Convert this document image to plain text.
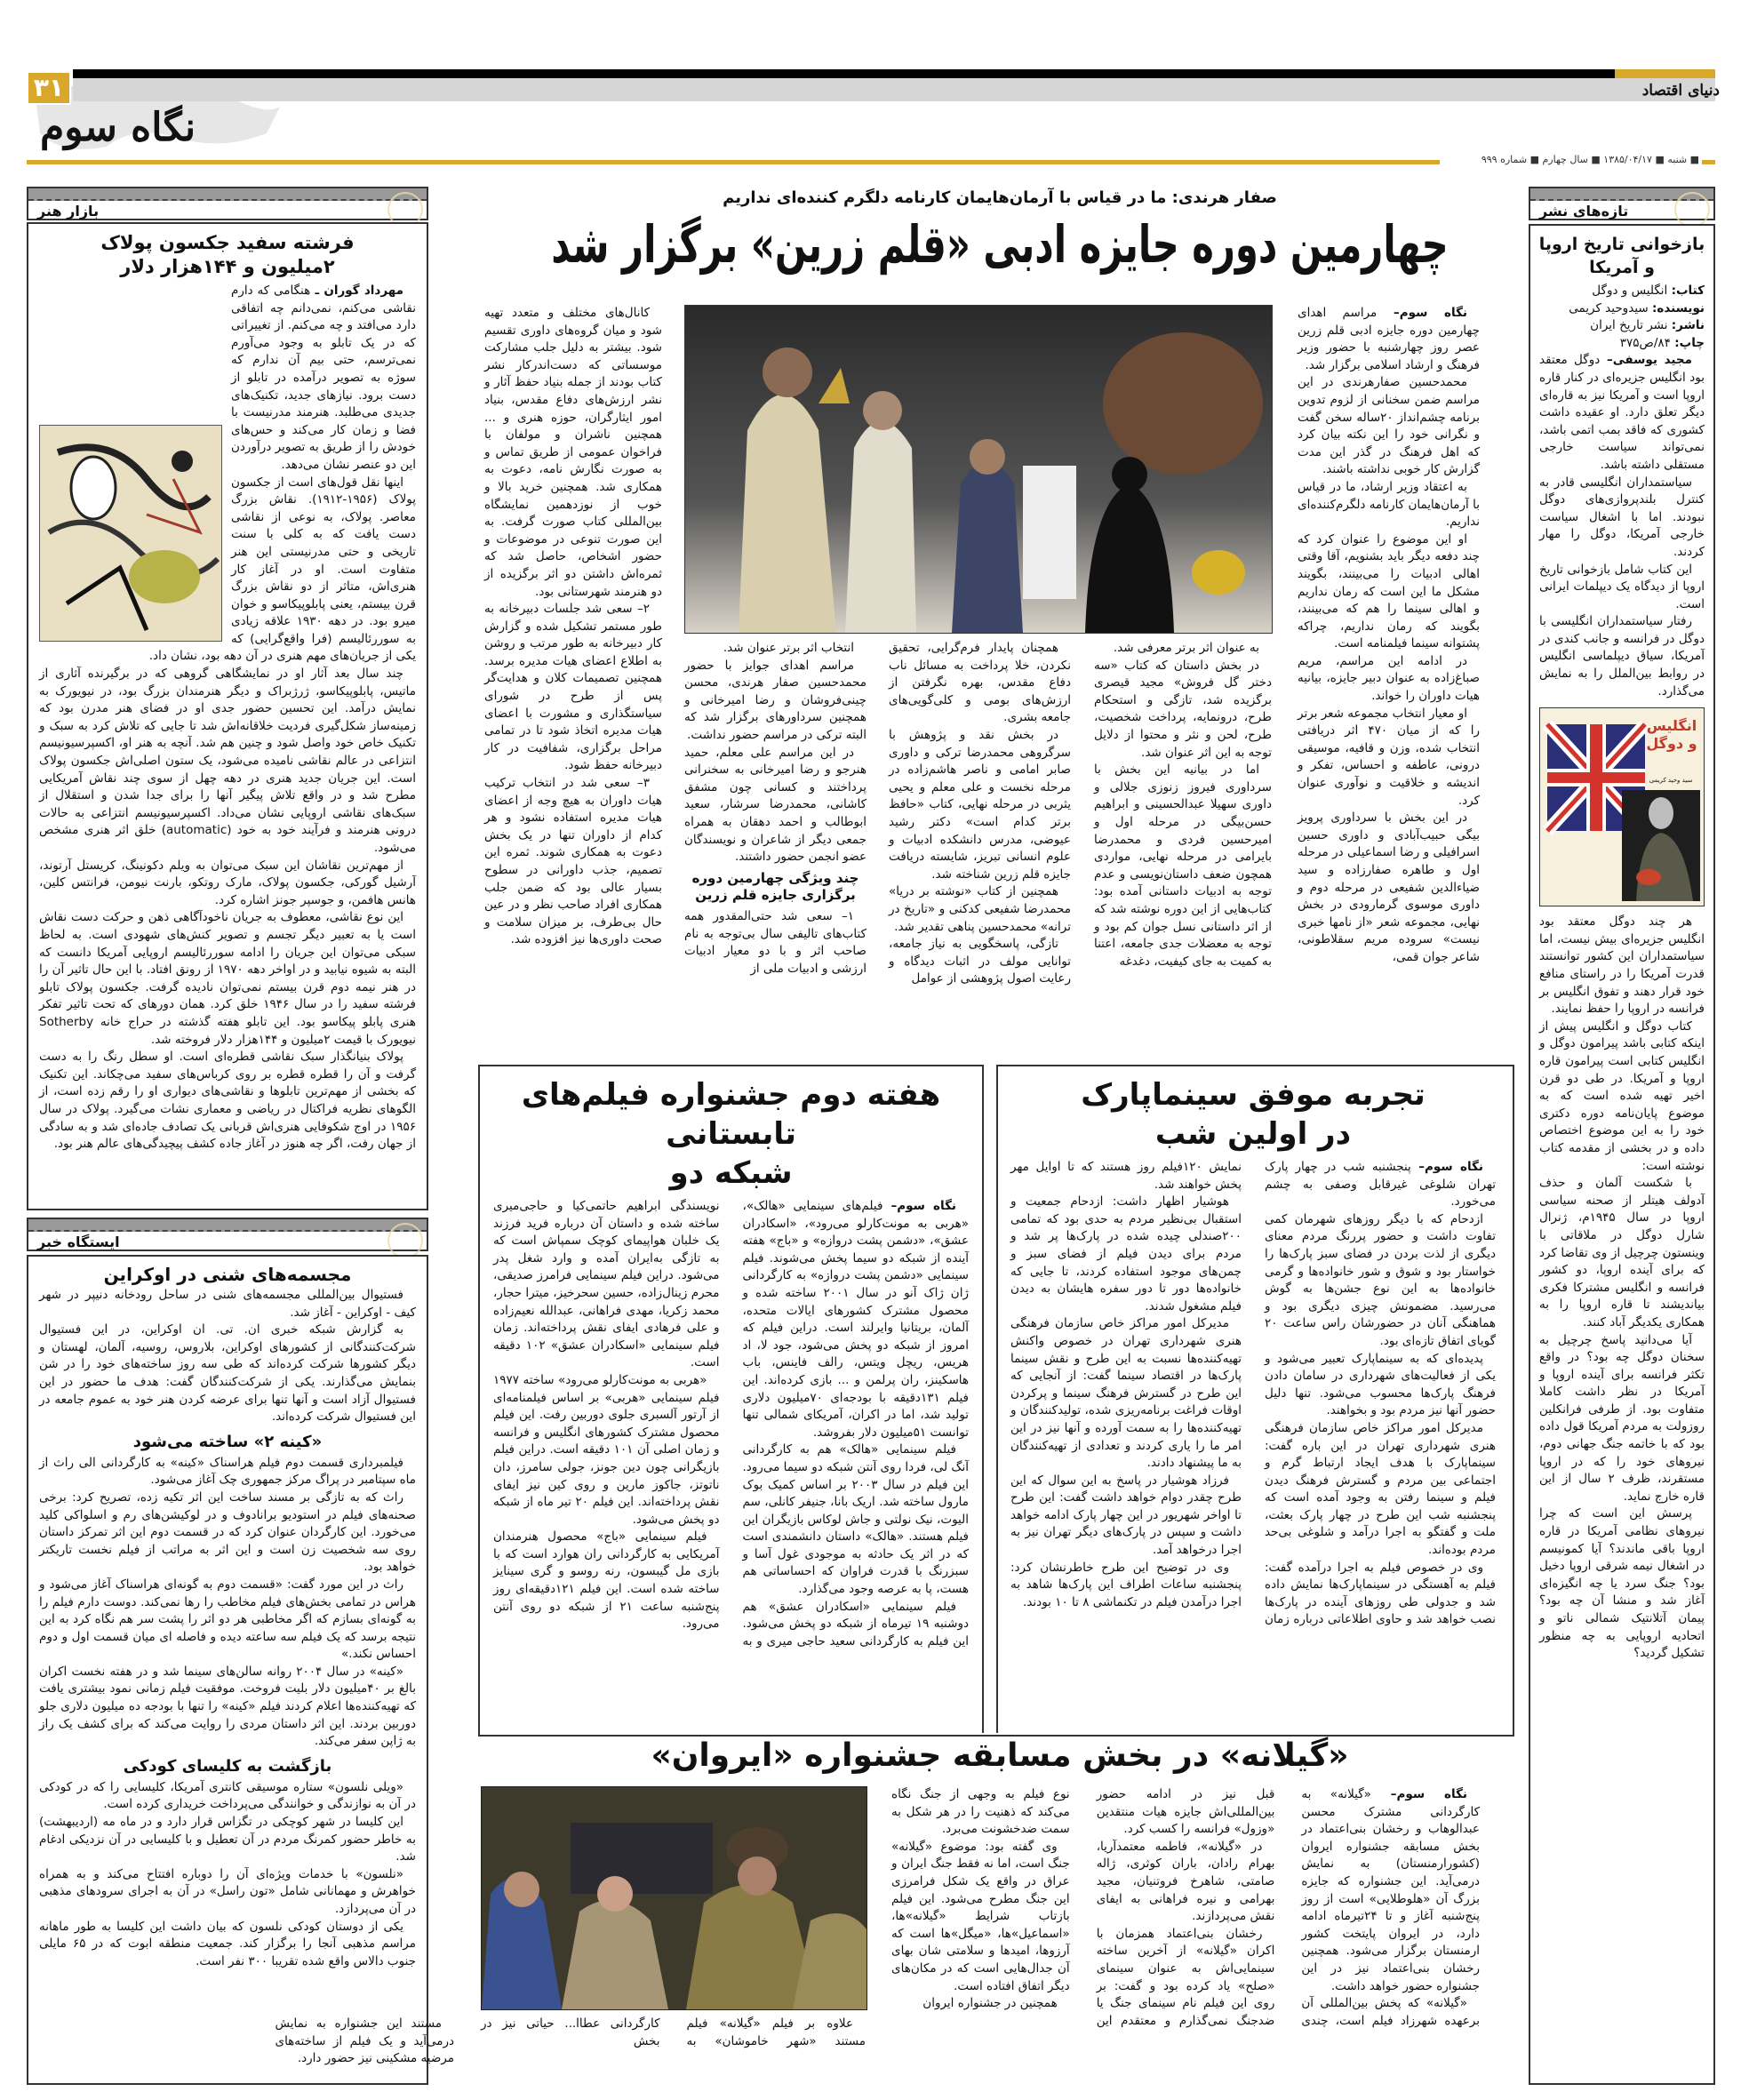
۳۱	دنیای اقتصاد
نگاه سوم
■ شنبه ■ ۱۳۸۵/۰۴/۱۷ ■ سال چهارم ■ شماره ۹۹۹
بازار هنر
فرشته سفید جکسون پولاک
۲میلیون و ۱۴۴هزار دلار

مهرداد گوران ـ هنگامی که دارم نقاشی می‌کنم، نمی‌دانم چه اتفاقی دارد می‌افتد و چه می‌کنم. از تغییراتی که در یک تابلو به وجود می‌آورم نمی‌ترسم، حتی بیم آن ندارم که سوژه به تصویر درآمده در تابلو از دست برود. نیازهای جدید، تکنیک‌های جدیدی می‌طلبد. هنرمند مدرنیست با فضا و زمان کار می‌کند و حس‌های خودش را از طریق به تصویر درآوردن این دو عنصر نشان می‌دهد.

اینها نقل قول‌های است از جکسون پولاک (۱۹۵۶-۱۹۱۲). نقاش بزرگ معاصر. پولاک، به نوعی از نقاشی دست یافت که به کلی با سنت تاریخی و حتی مدرنیستی این هنر متفاوت است. او در آغاز کار هنری‌اش، متاثر از دو نقاش بزرگ قرن بیستم، یعنی پابلوپیکاسو و خوان میرو بود. در دهه ۱۹۳۰ علاقه زیادی به سوررئالیسم (فرا واقع‌گرایی) که یکی از جریان‌های مهم هنری در آن دهه بود، نشان داد.

چند سال بعد آثار او در نمایشگاهی گروهی که در برگیرنده آثاری از ماتیس، پابلوپیکاسو، ژرژبراک و دیگر هنرمندان بزرگ بود، در نیویورک به نمایش درآمد. این تحسین حضور جدی او در فضای هنر مدرن بود که زمینه‌ساز شکل‌گیری فردیت خلاقانه‌اش شد تا جایی که تلاش کرد به سبک و تکنیک خاص خود واصل شود و چنین هم شد. آنچه به هنر او، اکسپرسیونیسم انتزاعی در عالم نقاشی نامیده می‌شود، یک ستون اصلی‌اش جکسون پولاک است. این جریان جدید هنری در دهه چهل از سوی چند نقاش آمریکایی مطرح شد و در واقع تلاش پیگیر آنها را برای جدا شدن و استقلال از سبک‌های نقاشی اروپایی نشان می‌داد. اکسپرسیونیسم انتزاعی به حالات درونی هنرمند و فرآیند خود به خود (automatic) خلق اثر هنری مشخص می‌شود.

از مهم‌ترین نقاشان این سبک می‌توان به ویلم دکونینگ، کریستل آرتوند، آرشیل گورکی، جکسون پولاک، مارک روتکو، بارنت نیومن، فرانتس کلین، هانس هافمن، و جوسپر جونز اشاره کرد.

این نوع نقاشی، معطوف به جریان ناخودآگاهی ذهن و حرکت دست نقاش است یا به تعبیر دیگر تجسم و تصویر کنش‌های شهودی است. به لحاظ سبکی می‌توان این جریان را ادامه سوررئالیسم اروپایی آمریکا دانست که البته به شیوه نیابید و در اواخر دهه ۱۹۷۰ از رونق افتاد. با این حال تاثیر آن را در هنر نیمه دوم قرن بیستم نمی‌توان نادیده گرفت. جکسون پولاک تابلو فرشته سفید را در سال ۱۹۴۶ خلق کرد. همان دورهای که تحت تاثیر تفکر هنری پابلو پیکاسو بود. این تابلو هفته گذشته در حراج خانه Sotherby نیویورک با قیمت ۲میلیون و ۱۴۴هزار دلار فروخته شد.

پولاک بنیانگذار سبک نقاشی قطره‌ای است. او سطل رنگ را به دست گرفت و آن را قطره قطره بر روی کرباس‌های سفید می‌چکاند. این تکنیک که بخشی از مهم‌ترین تابلوها و نقاشی‌های دیواری او را رقم زده است، از الگوهای نظریه فراکتال در ریاضی و معماری نشات می‌گیرد. پولاک در سال ۱۹۵۶ در اوج شکوفایی هنری‌اش قربانی یک تصادف جاده‌ای شد و به سادگی از جهان رفت، اگر چه هنوز در آغاز جاده کشف پیچیدگی‌های عالم هنر بود.

ایستگاه خبر
مجسمه‌های شنی در اوکراین

فستیوال بین‌المللی مجسمه‌های شنی در ساحل رودخانه دنیپر در شهر کیف - اوکراین - آغاز شد.

به گزارش شبکه خبری ان. تی. ان اوکراین، در این فستیوال شرکت‌کنندگانی از کشورهای اوکراین، بلاروس، روسیه، آلمان، لهستان و دیگر کشورها شرکت کرده‌اند که طی سه روز ساخته‌های خود را در شن بنمایش می‌گذارند. یکی از شرکت‌کنندگان گفت: هدف ما حضور در این فستیوال آزاد است و آنها تنها برای عرضه کردن هنر خود به عموم جامعه در این فستیوال شرکت کرده‌اند.

«کینه ۲» ساخته می‌شود

فیلمبرداری قسمت دوم فیلم هراسناک «کینه» به کارگردانی الی راث از ماه سپتامبر در پراگ مرکز جمهوری چک آغاز می‌شود.

راث که به تازگی بر مسند ساخت این اثر تکیه زده، تصریح کرد: برخی صحنه‌های فیلم در استودیو برانادوف و در لوکیشن‌های رم و اسلواکی کلید می‌خورد. این کارگردان عنوان کرد که در قسمت دوم این اثر تمرکز داستان روی سه شخصیت زن است و این اثر به مراتب از فیلم نخست تاریکتر خواهد بود.

راث در این مورد گفت: «قسمت دوم به گونه‌ای هراسناک آغاز می‌شود و هراس در تمامی بخش‌های فیلم مخاطب را رها نمی‌کند. دوست دارم فیلم را به گونه‌ای بسازم که اگر مخاطبی هر دو اثر را پشت سر هم نگاه کرد به این نتیجه برسد که یک فیلم سه ساعته دیده و فاصله ای میان قسمت اول و دوم احساس نکند.»

«کینه» در سال ۲۰۰۴ روانه سالن‌های سینما شد و در هفته نخست اکران بالغ بر ۴۰میلیون دلار بلیت فروخت. موفقیت فیلم زمانی نمود بیشتری یافت که تهیه‌کننده‌ها اعلام کردند فیلم «کینه» را تنها با بودجه ده میلیون دلاری جلو دوربین بردند. این اثر داستان مردی را روایت می‌کند که برای کشف یک راز به ژاپن سفر می‌کند.

بازگشت به کلیسای کودکی

«ویلی نلسون» ستاره موسیقی کانتری آمریکا، کلیسایی را که در کودکی در آن به نوازندگی و خوانندگی می‌پرداخت خریداری کرده است.

این کلیسا در شهر کوچکی در تگزاس قرار دارد و در ماه مه (اردیبهشت) به خاطر حضور کمرنگ مردم در آن تعطیل و با کلیسایی در آن نزدیکی ادغام شد.

«نلسون» با خدمات ویژه‌ای آن را دوباره افتتاح می‌کند و به همراه خواهرش و مهمانانی شامل «تون راسل» در آن به اجرای سرودهای مذهبی در آن می‌پردازد.

یکی از دوستان کودکی نلسون که بیان داشت این کلیسا به طور ماهانه مراسم مذهبی آنجا را برگزار کند. جمعیت منطقه ابوت که در ۶۵ مایلی جنوب دالاس واقع شده تقریبا ۳۰۰ نفر است.

تازه‌های نشر
بازخوانی تاریخ اروپا و آمریکا

کتاب: انگلیس و دوگل

نویسنده: سیدوحید کریمی

ناشر: نشر تاریخ ایران

چاپ: ۸۴/ص۳۷۵

مجید یوسفی– دوگل معتقد بود انگلیس جزیره‌ای در کنار قاره اروپا است و آمریکا نیز به قاره‌ای دیگر تعلق دارد. او عقیده داشت کشوری که فاقد بمب اتمی باشد، نمی‌تواند سیاست خارجی مستقلی داشته باشد.

سیاستمداران انگلیسی قادر به کنترل بلندپروازی‌های دوگل نبودند. اما با اشغال سیاست خارجی آمریکا، دوگل را مهار کردند.

این کتاب شامل بازخوانی تاریخ اروپا از دیدگاه یک دیپلمات ایرانی است.

رفتار سیاستمداران انگلیسی با دوگل در فرانسه و جانب کندی در آمریکا، سیاق دیپلماسی انگلیس در روابط بین‌الملل را به نمایش می‌گذارد.

انگلیس و دوگل
سید وحید کریمی

هر چند دوگل معتقد بود انگلیس جزیره‌ای بیش نیست، اما سیاستمداران این کشور توانستند قدرت آمریکا را در راستای منافع خود قرار دهند و تفوق انگلیس بر فرانسه در اروپا را حفظ نمایند.

کتاب دوگل و انگلیس پیش از اینکه کتابی باشد پیرامون دوگل و انگلیس کتابی است پیرامون قاره اروپا و آمریکا. در طی دو قرن اخیر تهیه شده است که به موضوع پایان‌نامه دوره دکتری خود را به این موضوع اختصاص داده و در بخشی از مقدمه کتاب نوشته است:

با شکست آلمان و حذف آدولف هیتلر از صحنه سیاسی اروپا در سال ۱۹۴۵م، ژنرال شارل دوگل در ملاقاتی با وینستون چرچیل از وی تقاضا کرد که برای آینده اروپا، دو کشور فرانسه و انگلیس مشترکا فکری بیاندیشند تا قاره اروپا را به همکاری یکدیگر آباد کنند.

آیا می‌دانید پاسخ چرچیل به سخنان دوگل چه بود؟ در واقع تکثر فرانسه برای آینده اروپا و آمریکا در نظر داشت کاملا متفاوت بود. از طرفی فرانکلین روزولت به مردم آمریکا قول داده بود که با خاتمه جنگ جهانی دوم، نیروهای خود را که در اروپا مستقرند، ظرف ۲ سال از این قاره خارج نماید.

پرسش این است که چرا نیروهای نظامی آمریکا در قاره اروپا باقی ماندند؟ آیا کمونیسم در اشغال نیمه شرقی اروپا دخیل بود؟ جنگ سرد یا چه انگیزه‌ای آغاز شد و منشا آن چه بود؟ پیمان آتلانتیک شمالی ناتو و اتحادیه اروپایی به چه منظور تشکیل گردید؟

صفار هرندی: ما در قیاس با آرمان‌هایمان کارنامه دلگرم کننده‌ای نداریم
چهارمین دوره جایزه ادبی «قلم زرین» برگزار شد

نگاه سوم– مراسم اهدای چهارمین دوره جایزه ادبی قلم زرین عصر روز چهارشنبه با حضور وزیر فرهنگ و ارشاد اسلامی برگزار شد.

محمدحسین صفارهرندی در این مراسم ضمن سخنانی از لزوم تدوین برنامه چشم‌انداز ۲۰ساله سخن گفت و نگرانی خود را این نکته بیان کرد که اهل فرهنگ در گذر این مدت گزارش کار خوبی نداشته باشند.

به اعتقاد وزیر ارشاد، ما در قیاس با آرمان‌هایمان کارنامه دلگرم‌کننده‌ای نداریم.

او این موضوع را عنوان کرد که چند دفعه دیگر باید بشنویم، آقا وقتی اهالی ادبیات را می‌بینند، بگویند مشکل ما این است که رمان نداریم و اهالی سینما را هم که می‌بینند، بگویند که رمان نداریم، چراکه پشتوانه سینما فیلمنامه است.

در ادامه این مراسم، مریم صباغ‌زاده به عنوان دبیر جایزه، بیانیه هیات داوران را خواند.

او معیار انتخاب مجموعه شعر برتر را که از میان ۴۷۰ اثر دریافتی انتخاب شده، وزن و قافیه، موسیقی درونی، عاطفه و احساس، تفکر و اندیشه و خلاقیت و نوآوری عنوان کرد.

در این بخش با سرداوری پرویز بیگی حبیب‌آبادی و داوری حسین اسرافیلی و رضا اسماعیلی در مرحله اول و طاهره صفارزاده و سید ضیاءالدین شفیعی در مرحله دوم و داوری موسوی گرمارودی در بخش نهایی، مجموعه شعر «از نامها خبری نیست» سروده مریم سقلاطونی، شاعر جوان قمی،

به عنوان اثر برتر معرفی شد.

در بخش داستان که کتاب «سه دختر گل فروش» مجید قیصری برگزیده شد، تازگی و استحکام طرح، درونمایه، پرداخت شخصیت، طرح، لحن و نثر و محتوا از دلایل توجه به این اثر عنوان شد.

اما در بیانیه این بخش با سرداوری فیروز زنوزی جلالی و داوری سهیلا عبدالحسینی و ابراهیم حسن‌بیگی در مرحله اول و امیرحسین فردی و محمدرضا بایرامی در مرحله نهایی، مواردی همچون ضعف داستان‌نویسی و عدم توجه به ادبیات داستانی آمده بود: کتاب‌هایی از این دوره نوشته شد که از اثر داستانی نسل جوان کم بود و توجه به معضلات جدی جامعه، اعتنا به کمیت به جای کیفیت، دغدغه

همچنان پایدار فرم‌گرایی، تحقیق نکردن، خلا پرداخت به مسائل ناب دفاع مقدس، بهره نگرفتن از ارزش‌های بومی و کلی‌گویی‌های جامعه بشری.

در بخش نقد و پژوهش با سرگروهی محمدرضا ترکی و داوری صابر امامی و ناصر هاشم‌زاده در مرحله نخست و علی معلم و یحیی یثربی در مرحله نهایی، کتاب «حافظ برتر کدام است» دکتر رشید عیوضی، مدرس دانشکده ادبیات و علوم انسانی تبریز، شایسته دریافت جایزه قلم زرین شناخته شد.

همچنین از کتاب «نوشته بر دریا» محمدرضا شفیعی کدکنی و «تاریخ در ترانه» محمدحسین پناهی تقدیر شد.

تازگی، پاسخگویی به نیاز جامعه، توانایی مولف در اثبات دیدگاه و رعایت اصول پژوهشی از عوامل

انتخاب اثر برتر عنوان شد.

مراسم اهدای جوایز با حضور محمدحسین صفار هرندی، محسن چینی‌فروشان و رضا امیرخانی و همچنین سرداورهای برگزار شد که البته ترکی در مراسم حضور نداشت.

در این مراسم علی معلم، حمید هنرجو و رضا امیرخانی به سخنرانی پرداختند و کسانی چون مشفق کاشانی، محمدرضا سرشار، سعید ابوطالب و احمد دهقان به همراه جمعی دیگر از شاعران و نویسندگان عضو انجمن حضور داشتند.

چند ویژگی چهارمین دوره برگزاری جایزه قلم زرین

۱– سعی شد حتی‌المقدور همه کتاب‌های تالیفی سال بی‌توجه به نام صاحب اثر و با دو معیار ادبیات ارزشی و ادبیات ملی از

کانال‌های مختلف و متعدد تهیه شود و میان گروه‌های داوری تقسیم شود. بیشتر به دلیل جلب مشارکت موسساتی که دست‌اندرکار نشر کتاب بودند از جمله بنیاد حفظ آثار و نشر ارزش‌های دفاع مقدس، بنیاد امور ایثارگران، حوزه هنری و ... همچنین ناشران و مولفان با فراخوان عمومی از طریق تماس و به صورت نگارش نامه، دعوت به همکاری شد. همچنین خرید بالا و خوب از نوزدهمین نمایشگاه بین‌المللی کتاب صورت گرفت. به این صورت تنوعی در موضوعات و حضور اشخاص، حاصل شد که ثمره‌اش داشتن دو اثر برگزیده از دو هنرمند شهرستانی بود.

۲– سعی شد جلسات دبیرخانه به طور مستمر تشکیل شده و گزارش کار دبیرخانه به طور مرتب و روشن به اطلاع اعضای هیات مدیره برسد. همچنین تصمیمات کلان و هدایت‌گر پس از طرح در شورای سیاستگذاری و مشورت با اعضای هیات مدیره اتخاذ شود تا در تمامی مراحل برگزاری، شفافیت در کار دبیرخانه حفظ شود.

۳– سعی شد در انتخاب ترکیب هیات داوران به هیچ وجه از اعضای هیات مدیره استفاده نشود و هر کدام از داوران تنها در یک بخش دعوت به همکاری شوند. ثمره این تصمیم، جذب داورانی در سطوح بسیار عالی بود که ضمن جلب همکاری افراد صاحب نظر و در عین حال بی‌طرف، بر میزان سلامت و صحت داوری‌ها نیز افزوده شد.

هفته دوم جشنواره فیلم‌های تابستانی
شبکه دو

نگاه سوم– فیلم‌های سینمایی «هالک»، «هربی به مونت‌کارلو می‌رود»، «اسکادران عشق»، «دشمن پشت دروازه» و «باج» هفته آینده از شبکه دو سیما پخش می‌شوند. فیلم سینمایی «دشمن پشت دروازه» به کارگردانی ژان ژاک آنو در سال ۲۰۰۱ ساخته شده و محصول مشترک کشورهای ایالات متحده، آلمان، بریتانیا وایرلند است. دراین فیلم که امروز از شبکه دو پخش می‌شود، جود لا، اد هریس، ریچل ویتس، رالف فاینس، باب هاسکینز، ران پرلمن و ... بازی کرده‌اند. این فیلم ۱۳۱دقیقه با بودجه‌ای ۷۰میلیون دلاری تولید شد، اما در اکران، آمریکای شمالی تنها توانست ۵۱میلیون دلار بفروشد.

فیلم سینمایی «هالک» هم به کارگردانی آنگ لی، فردا روی آنتن شبکه دو سیما می‌رود. این فیلم در سال ۲۰۰۳ بر اساس کمیک بوک مارول ساخته شد. اریک بانا، جنیفر کانلی، سم الیوت، نیک نولتی و جاش لوکاس بازیگران این فیلم هستند. «هالک» داستان دانشمندی است که در اثر یک حادثه به موجودی غول آسا و سبزرنگ با قدرت فراوان که احساساتی هم هست، پا به عرصه وجود می‌گذارد.

فیلم سینمایی «اسکادران عشق» هم دوشنبه ۱۹ تیرماه از شبکه دو پخش می‌شود. این فیلم به کارگردانی سعید حاجی میری و به نویسندگی ابراهیم حاتمی‌کیا و حاجی‌میری ساخته شده و داستان آن درباره فرید فرزند یک خلبان هواپیمای کوچک سمپاش است که به تازگی به‌ایران آمده و وارد شغل پدر می‌شود. دراین فیلم سینمایی فرامرز صدیقی، محرم زینال‌زاده، حسین سحرخیز، میترا حجار، محمد زکریا، مهدی فراهانی، عبدالله نعیم‌زاده و علی فرهادی ایفای نقش پرداخته‌اند. زمان فیلم سینمایی «اسکادران عشق» ۱۰۲ دقیقه است.

«هربی به مونت‌کارلو می‌رود» ساخته ۱۹۷۷ فیلم سینمایی «هربی» بر اساس فیلمنامه‌ای از آرتور آلسبری جلوی دوربین رفت. این فیلم محصول مشترک کشورهای انگلیس و فرانسه و زمان اصلی آن ۱۰۱ دقیقه است. دراین فیلم بازیگرانی چون دین جونز، جولی سامرز، دان ناتوتز، جاکوز مارین و روی کین نیز ایفای نقش پرداخته‌اند. این فیلم ۲۰ تیر ماه از شبکه دو پخش می‌شود.

فیلم سینمایی «باج» محصول هنرمندان آمریکایی به کارگردانی ران هوارد است که با بازی مل گیبسون، رنه روسو و گری سینایز ساخته شده است. این فیلم ۱۲۱دقیقه‌ای روز پنج‌شنبه ساعت ۲۱ از شبکه دو روی آنتن می‌رود.

تجربه موفق سینماپارک
در اولین شب

نگاه سوم– پنجشنبه شب در چهار پارک تهران شلوغی غیرقابل وصفی به چشم می‌خورد.

ازدحام که با دیگر روزهای شهرمان کمی تفاوت داشت و حضور پررنگ مردم معنای دیگری از لذت بردن در فضای سبز پارک‌ها را خواستار بود و شوق و شور خانواده‌ها و گرمی خانواده‌ها به این نوع جشن‌ها به گوش می‌رسید. مضمونش چیزی دیگری بود و هماهنگی آنان در حضورشان راس ساعت ۲۰ گویای اتفاق تازه‌ای بود.

پدیده‌ای که به سینماپارک تعبیر می‌شود و یکی از فعالیت‌های شهرداری در سامان دادن فرهنگ پارک‌ها محسوب می‌شود. تنها دلیل حضور آنها نیز مردم بود و بخواهند.

مدیرکل امور مراکز خاص سازمان فرهنگی هنری شهرداری تهران در این باره گفت: سینماپارک با هدف ایجاد ارتباط گرم و اجتماعی بین مردم و گسترش فرهنگ دیدن فیلم و سینما رفتن به وجود آمده است که پنجشنبه شب این طرح در چهار پارک بعثت، ملت و گفتگو به اجرا درآمد و شلوغی بی‌حد مردم بوده‌اند.

وی در خصوص فیلم به اجرا درآمده گفت: فیلم به آهستگی در سینماپارک‌ها نمایش داده شد و جدولی طی روزهای آینده در پارک‌ها نصب خواهد شد و حاوی اطلاعاتی درباره زمان نمایش ۱۲۰فیلم روز هستند که تا اوایل مهر پخش خواهند شد.

هوشیار اظهار داشت: ازدحام جمعیت و استقبال بی‌نظیر مردم به حدی بود که تمامی ۲۰۰صندلی چیده شده در پارک‌ها پر شد و مردم برای دیدن فیلم از فضای سبز و چمن‌های موجود استفاده کردند، تا جایی که خانواده‌ها دور تا دور سفره هایشان به دیدن فیلم مشغول شدند.

مدیرکل امور مراکز خاص سازمان فرهنگی هنری شهرداری تهران در خصوص واکنش تهیه‌کننده‌ها نسبت به این طرح و نقش سینما پارک‌ها در اقتصاد سینما گفت: از آنجایی که این طرح در گسترش فرهنگ سینما و پرکردن اوقات فراغت برنامه‌ریزی شده، تولیدکنندگان و تهیه‌کننده‌ها را به سمت آورده و آنها نیز در این امر ما را یاری کردند و تعدادی از تهیه‌کنندگان به ما پیشنهاد دادند.

فرزاد هوشیار در پاسخ به این سوال که این طرح چقدر دوام خواهد داشت گفت: این طرح تا اواخر شهریور در این چهار پارک ادامه خواهد داشت و سپس در پارک‌های دیگر تهران نیز به اجرا درخواهد آمد.

وی در توضیح این طرح خاطرنشان کرد: پنجشنبه ساعات اطراف این پارک‌ها شاهد به اجرا درآمدن فیلم در تکنماشی ۸ تا ۱۰ بودند.

«گیلانه» در بخش مسابقه جشنواره «ایروان»

علاوه بر فیلم «گیلانه» فیلم مستند «شهر خاموشان» به کارگردانی عطاا... حیاتی نیز در بخش

مستند این جشنواره به نمایش درمی‌آید و یک فیلم از ساخته‌های مرضیه مشکینی نیز حضور دارد.

نگاه سوم– «گیلانه» به کارگردانی مشترک محسن عبدالوهاب و رخشان بنی‌اعتماد در بخش مسابقه جشنواره ایروان (کشورارمنستان) به نمایش درمی‌آید. این جشنواره که جایزه بزرگ آن «هلوطلایی» است از روز پنج‌شنبه آغاز و تا ۲۴تیرماه ادامه دارد، در ایروان پایتخت کشور ارمنستان برگزار می‌شود. همچنین رخشان بنی‌اعتماد نیز در این جشنواره حضور خواهد داشت.

«گیلانه» که پخش بین‌المللی آن برعهده شهرزاد فیلم است، چندی قبل نیز در ادامه حضور بین‌المللی‌اش جایزه هیات منتقدین «وزول» فرانسه را کسب کرد.

در «گیلانه»، فاطمه معتمدآریا، بهرام رادان، باران کوثری، ژاله صامتی، شاهرخ فروتنیان، مجید بهرامی و نیره فراهانی به ایفای نقش می‌پردازند.

رخشان بنی‌اعتماد همزمان با اکران «گیلانه» از آخرین ساخته سینمایی‌اش به عنوان سینمای «صلح» یاد کرده بود و گفت: بر روی این فیلم نام سینمای جنگ یا ضدجنگ نمی‌گذارم و معتقدم این نوع فیلم به وجهی از جنگ نگاه می‌کند که ذهنیت را در هر شکل به سمت ضدخشونت می‌برد.

وی گفته بود: موضوع «گیلانه» جنگ است، اما نه فقط جنگ ایران و عراق در واقع یک شکل فرامرزی این جنگ مطرح می‌شود. این فیلم بازتاب شرایط «گیلانه»ها، «اسماعیل»ها، «میگل»ها است که آرزوها، امیدها و سلامتی شان بهای آن جدال‌هایی است که در مکان‌های دیگر اتفاق افتاده است.

همچنین در جشنواره ایروان
